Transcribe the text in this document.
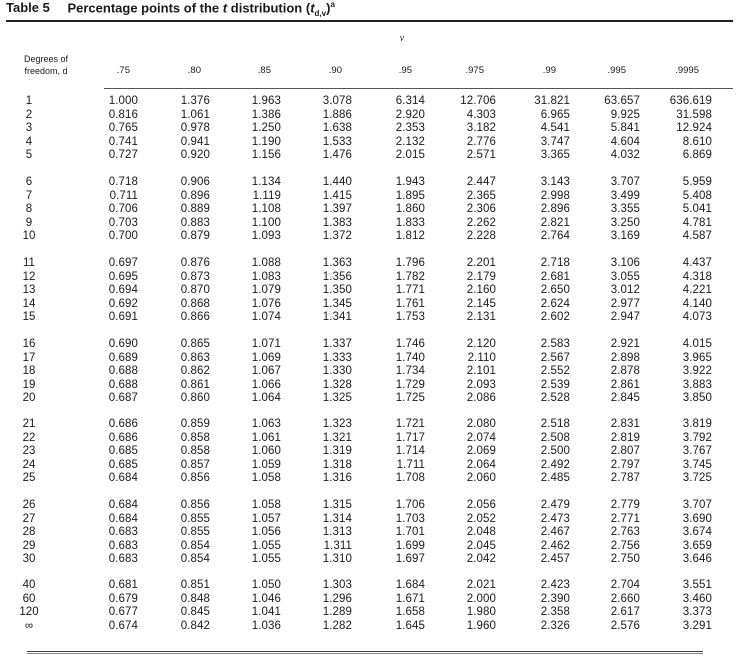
Table 5 Percentage points of the t distribution $(t_{d,v})^a$
v
Degrees of
freedom, d	.75	.80	.85	.90	.95	.975	.99	.995	.9995
1	1.000	1.376	1.963	3.078	6.314	12.706	31.821	63.657	636.619
2	0.816	1.061	1.386	1.886	2.920	4.303	6.965	9.925	31.598
3	0.765	0.978	1.250	1.638	2.353	3.182	4.541	5.841	12.924
4	0.741	0.941	1.190	1.533	2.132	2.776	3.747	4.604	8.610
5	0.727	0.920	1.156	1.476	2.015	2.571	3.365	4.032	6.869
6	0.718	0.906	1.134	1.440	1.943	2.447	3.143	3.707	5.959
7	0.711	0.896	1.119	1.415	1.895	2.365	2.998	3.499	5.408
8	0.706	0.889	1.108	1.397	1.860	2.306	2.896	3.355	5.041
9	0.703	0.883	1.100	1.383	1.833	2.262	2.821	3.250	4.781
10	0.700	0.879	1.093	1.372	1.812	2.228	2.764	3.169	4.587
11	0.697	0.876	1.088	1.363	1.796	2.201	2.718	3.106	4.437
12	0.695	0.873	1.083	1.356	1.782	2.179	2.681	3.055	4.318
13	0.694	0.870	1.079	1.350	1.771	2.160	2.650	3.012	4.221
14	0.692	0.868	1.076	1.345	1.761	2.145	2.624	2.977	4.140
15	0.691	0.866	1.074	1.341	1.753	2.131	2.602	2.947	4.073
16	0.690	0.865	1.071	1.337	1.746	2.120	2.583	2.921	4.015
17	0.689	0.863	1.069	1.333	1.740	2.110	2.567	2.898	3.965
18	0.688	0.862	1.067	1.330	1.734	2.101	2.552	2.878	3.922
19	0.688	0.861	1.066	1.328	1.729	2.093	2.539	2.861	3.883
20	0.687	0.860	1.064	1.325	1.725	2.086	2.528	2.845	3.850
21	0.686	0.859	1.063	1.323	1.721	2.080	2.518	2.831	3.819
22	0.686	0.858	1.061	1.321	1.717	2.074	2.508	2.819	3.792
23	0.685	0.858	1.060	1.319	1.714	2.069	2.500	2.807	3.767
24	0.685	0.857	1.059	1.318	1.711	2.064	2.492	2.797	3.745
25	0.684	0.856	1.058	1.316	1.708	2.060	2.485	2.787	3.725
26	0.684	0.856	1.058	1.315	1.706	2.056	2.479	2.779	3.707
27	0.684	0.855	1.057	1.314	1.703	2.052	2.473	2.771	3.690
28	0.683	0.855	1.056	1.313	1.701	2.048	2.467	2.763	3.674
29	0.683	0.854	1.055	1.311	1.699	2.045	2.462	2.756	3.659
30	0.683	0.854	1.055	1.310	1.697	2.042	2.457	2.750	3.646
40	0.681	0.851	1.050	1.303	1.684	2.021	2.423	2.704	3.551
60	0.679	0.848	1.046	1.296	1.671	2.000	2.390	2.660	3.460
120	0.677	0.845	1.041	1.289	1.658	1.980	2.358	2.617	3.373
∞	0.674	0.842	1.036	1.282	1.645	1.960	2.326	2.576	3.291
